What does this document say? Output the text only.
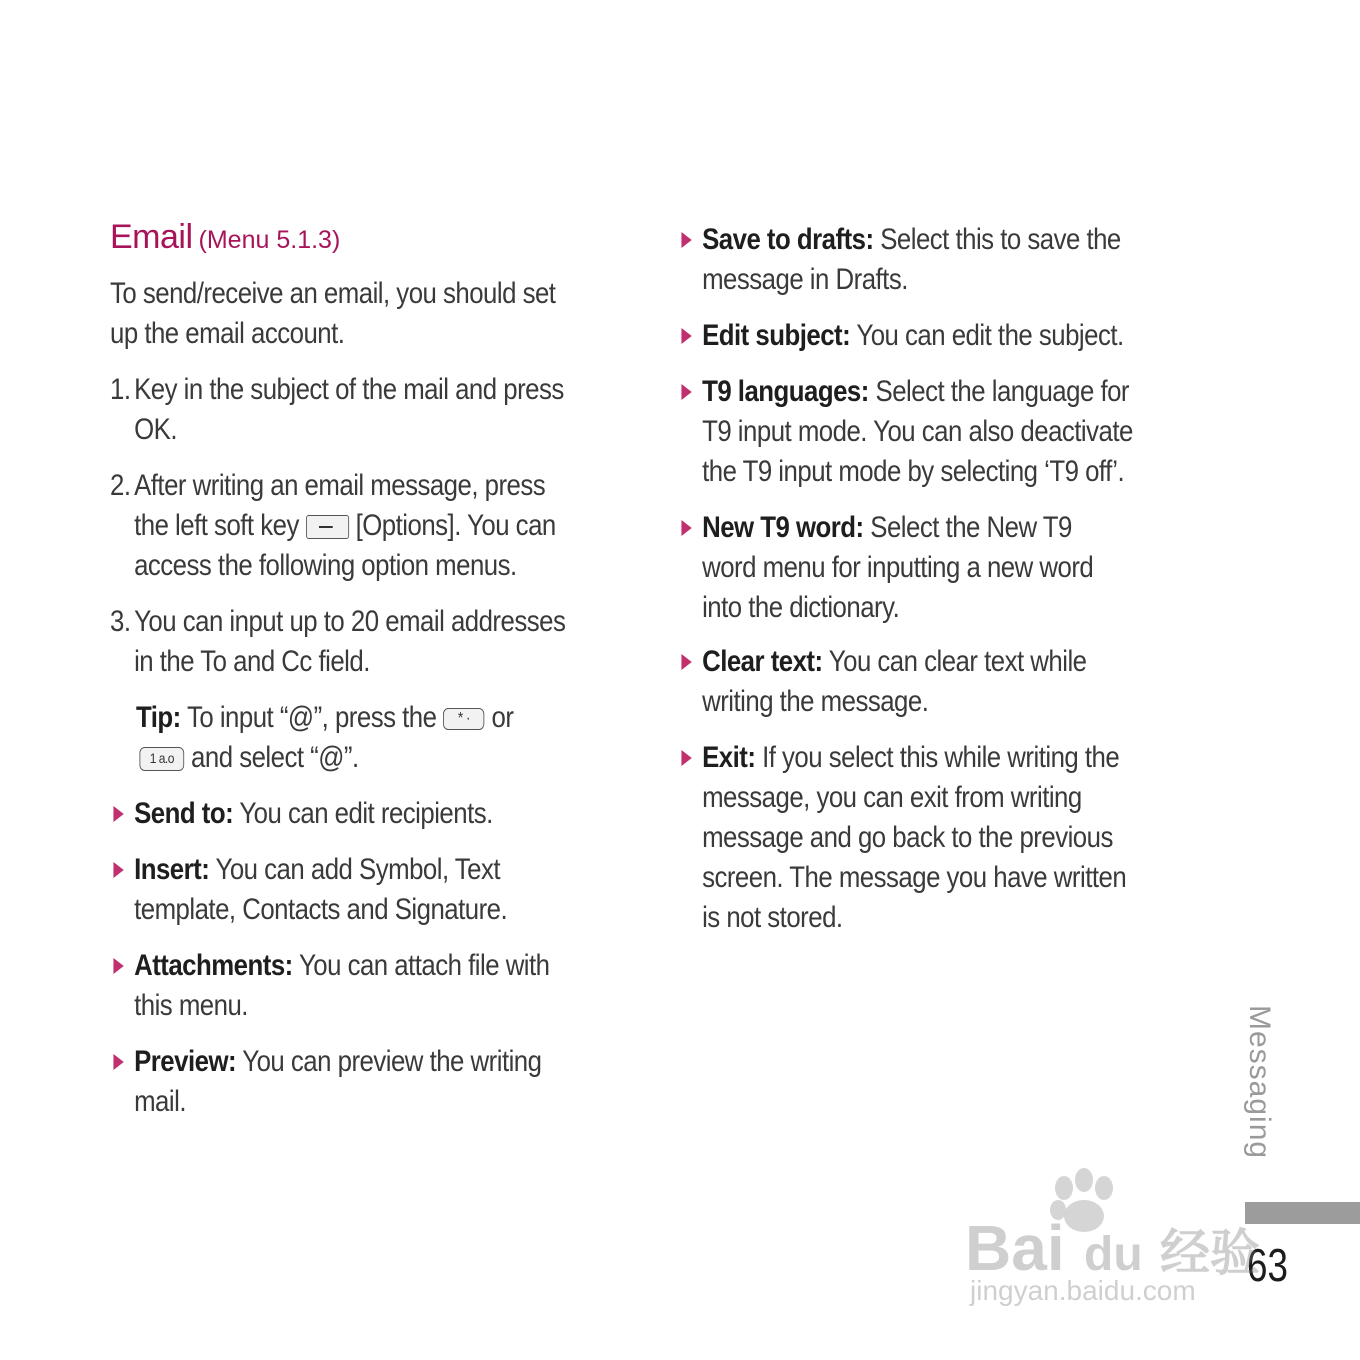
Email (Menu 5.1.3)
To send/receive an email, you should set
up the email account.
1. Key in the subject of the mail and press
OK.
2. After writing an email message, press
the left soft key [Options]. You can
access the following option menus.
3. You can input up to 20 email addresses
in the To and Cc field.
Tip: To input “@”, press the * · or
1 a.o and select “@”.
Send to: You can edit recipients.
Insert: You can add Symbol, Text
template, Contacts and Signature.
Attachments: You can attach file with
this menu.
Preview: You can preview the writing
mail.
Save to drafts: Select this to save the
message in Drafts.
Edit subject: You can edit the subject.
T9 languages: Select the language for
T9 input mode. You can also deactivate
the T9 input mode by selecting ‘T9 off’.
New T9 word: Select the New T9
word menu for inputting a new word
into the dictionary.
Clear text: You can clear text while
writing the message.
Exit: If you select this while writing the
message, you can exit from writing
message and go back to the previous
screen. The message you have written
is not stored.
Messaging
63
Bai du 经验
jingyan.baidu.com
